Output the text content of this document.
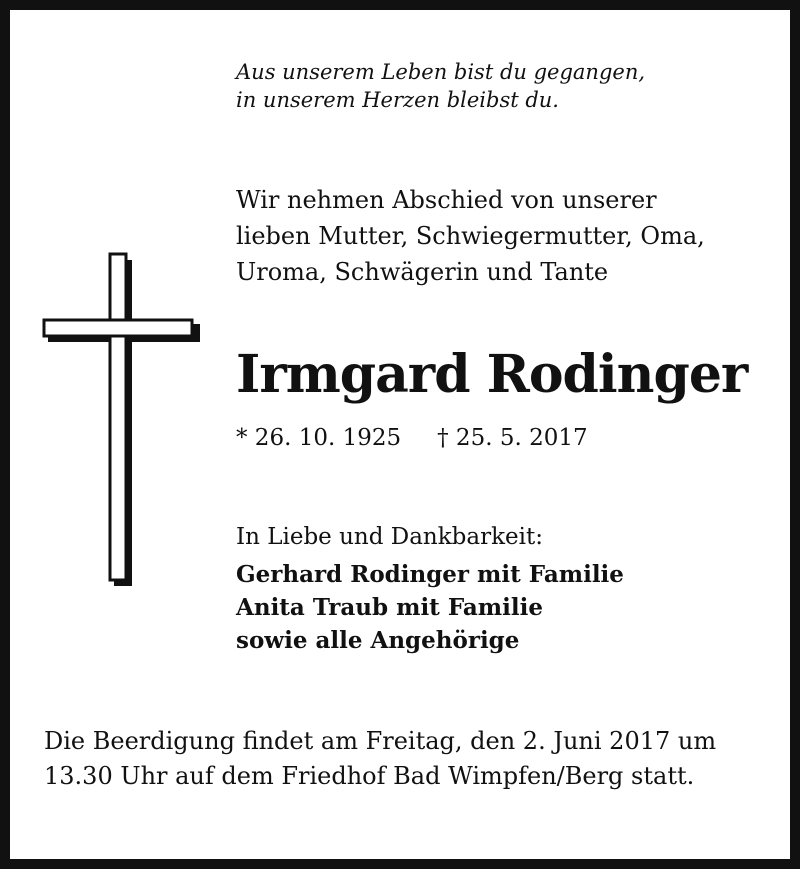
Aus unserem Leben bist du gegangen,
in unserem Herzen bleibst du.
Wir nehmen Abschied von unserer
lieben Mutter, Schwiegermutter, Oma,
Uroma, Schwägerin und Tante
Irmgard Rodinger
* 26. 10. 1925 † 25. 5. 2017
In Liebe und Dankbarkeit:
Gerhard Rodinger mit Familie
Anita Traub mit Familie
sowie alle Angehörige
Die Beerdigung findet am Freitag, den 2. Juni 2017 um
13.30 Uhr auf dem Friedhof Bad Wimpfen/Berg statt.
